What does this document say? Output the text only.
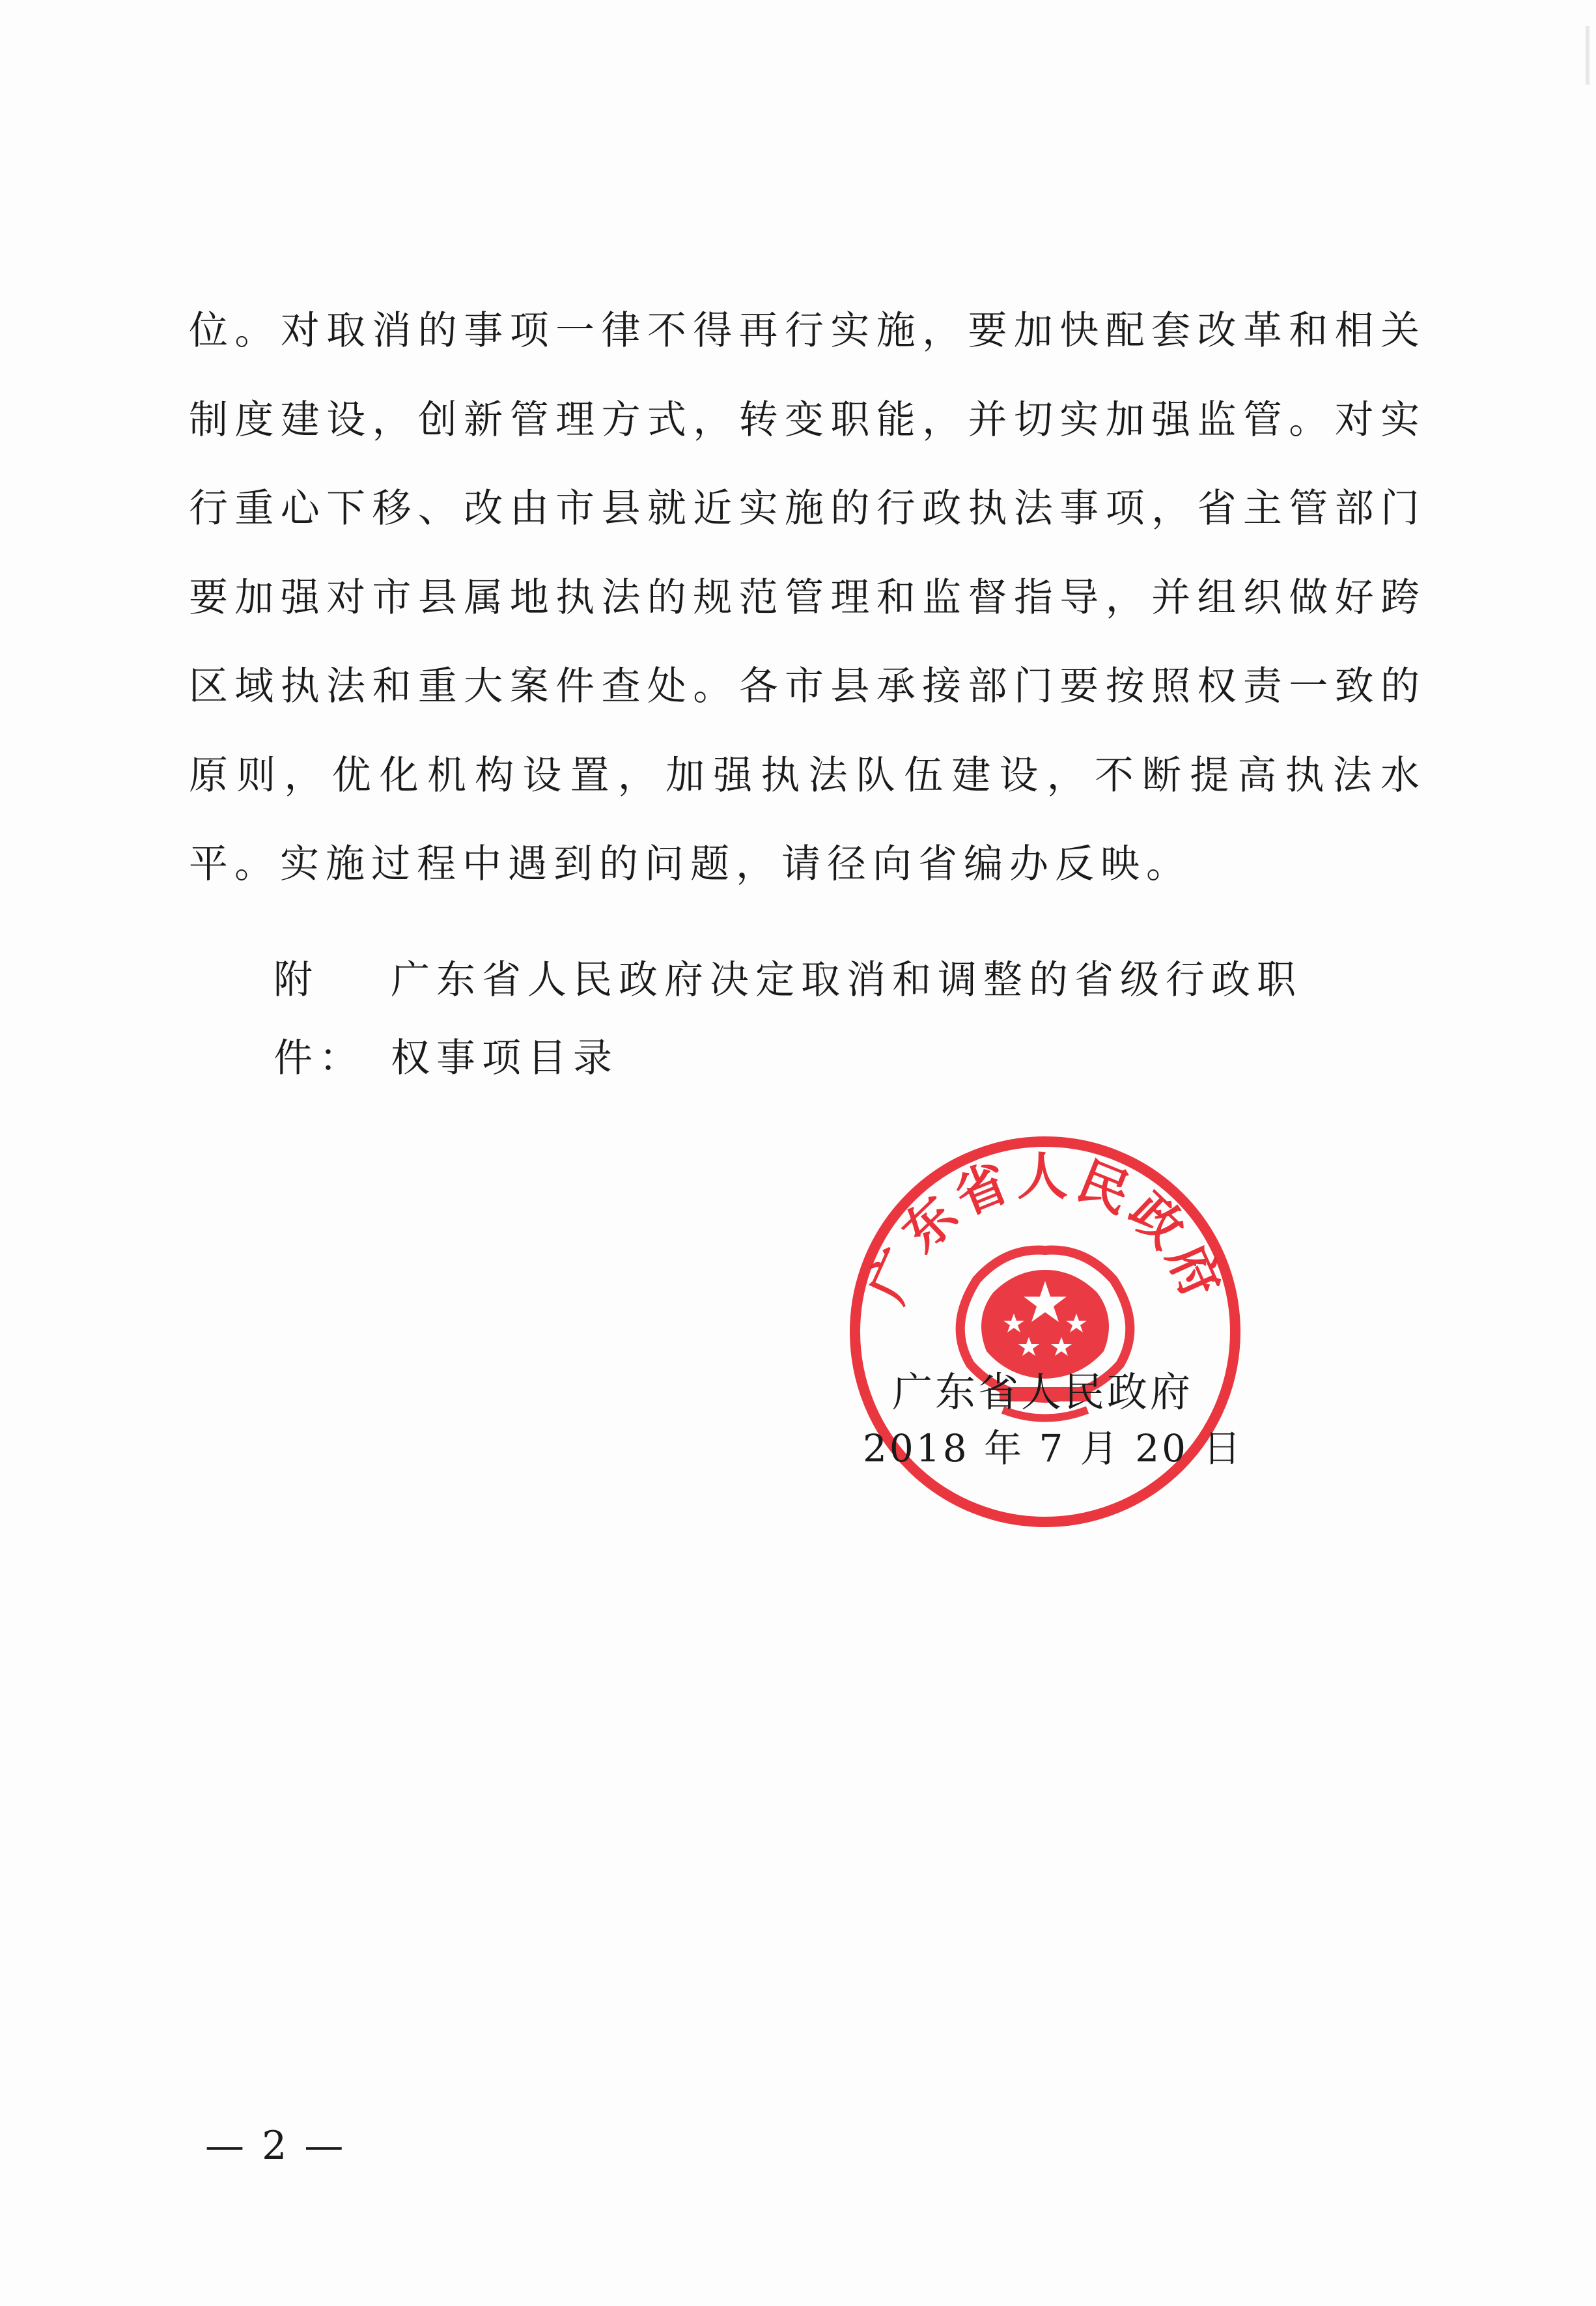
位。对取消的事项一律不得再行实施，要加快配套改革和相关制度建设，创新管理方式，转变职能，并切实加强监管。对实行重心下移、改由市县就近实施的行政执法事项，省主管部门要加强对市县属地执法的规范管理和监督指导，并组织做好跨区域执法和重大案件查处。各市县承接部门要按照权责一致的原则，优化机构设置，加强执法队伍建设，不断提高执法水平。实施过程中遇到的问题，请径向省编办反映。

附件：广东省人民政府决定取消和调整的省级行政职权事项目录
广东省人民政府
广东省人民政府
2018 年 7 月 20 日
— 2 —
